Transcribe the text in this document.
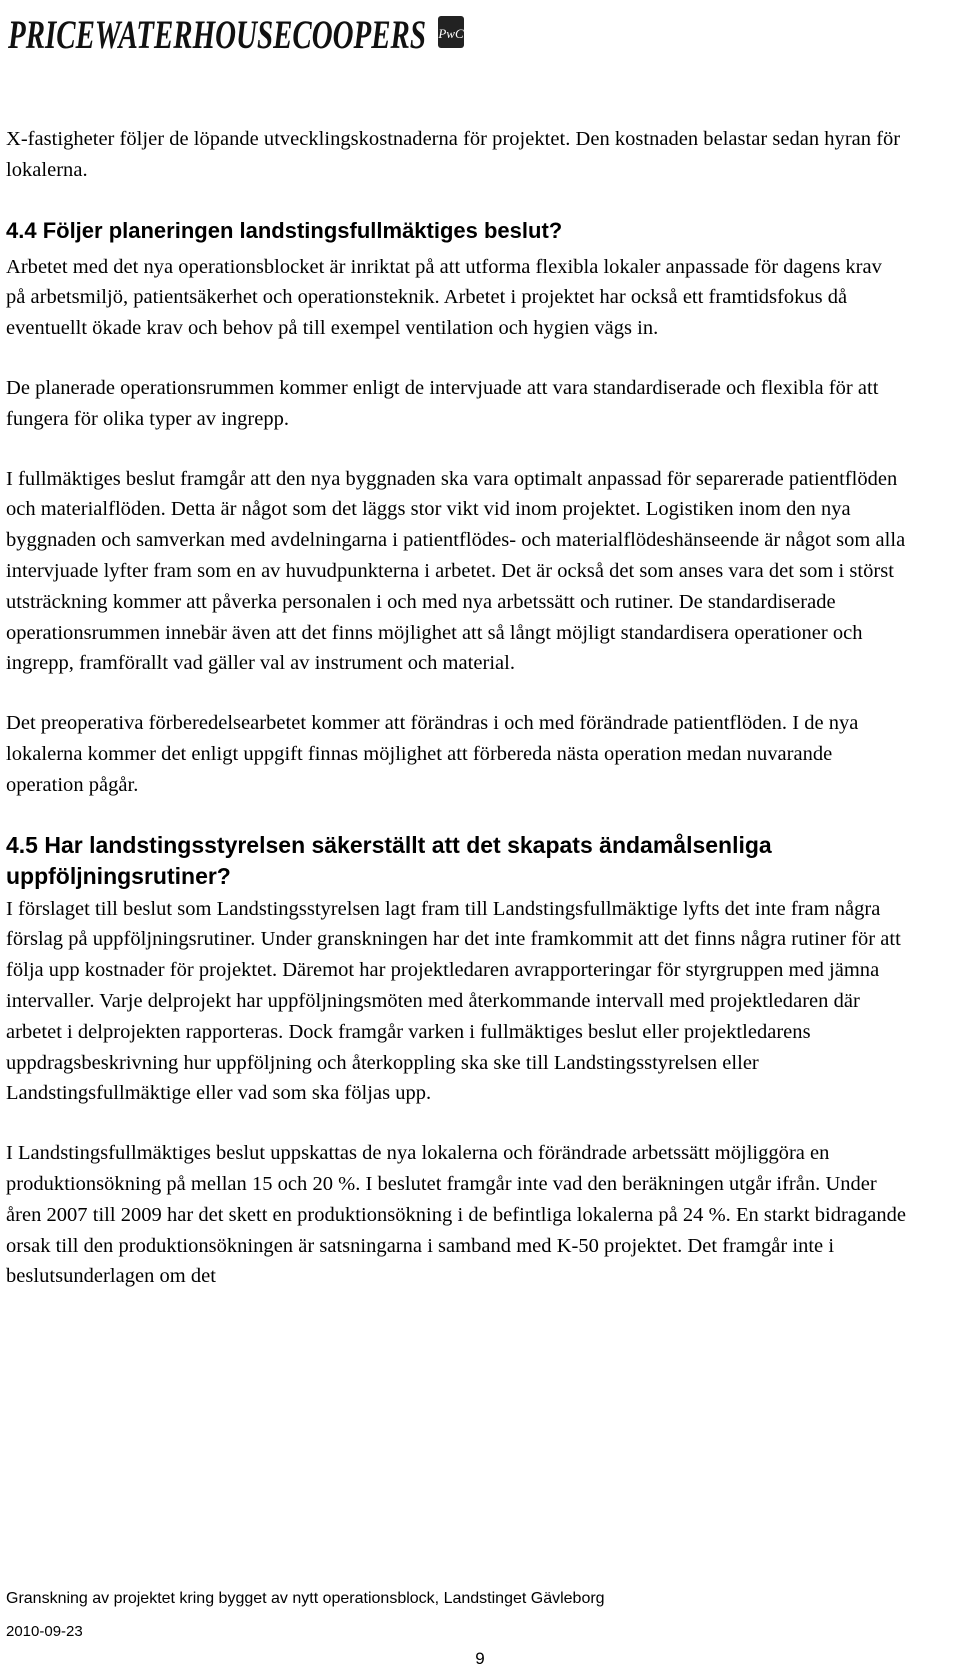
PRICEWATERHOUSECOOPERS PwC

X-fastigheter följer de löpande utvecklingskostnaderna för projektet. Den kostnaden belastar sedan hyran för lokalerna.

4.4 Följer planeringen landstingsfullmäktiges beslut?

Arbetet med det nya operationsblocket är inriktat på att utforma flexibla lokaler anpassade för dagens krav på arbetsmiljö, patientsäkerhet och operationsteknik. Arbetet i projektet har också ett framtidsfokus då eventuellt ökade krav och behov på till exempel ventilation och hygien vägs in.

De planerade operationsrummen kommer enligt de intervjuade att vara standardiserade och flexibla för att fungera för olika typer av ingrepp.

I fullmäktiges beslut framgår att den nya byggnaden ska vara optimalt anpassad för separerade patientflöden och materialflöden. Detta är något som det läggs stor vikt vid inom projektet. Logistiken inom den nya byggnaden och samverkan med avdelningarna i patientflödes- och materialflödeshänseende är något som alla intervjuade lyfter fram som en av huvudpunkterna i arbetet. Det är också det som anses vara det som i störst utsträckning kommer att påverka personalen i och med nya arbetssätt och rutiner. De standardiserade operationsrummen innebär även att det finns möjlighet att så långt möjligt standardisera operationer och ingrepp, framförallt vad gäller val av instrument och material.

Det preoperativa förberedelsearbetet kommer att förändras i och med förändrade patientflöden. I de nya lokalerna kommer det enligt uppgift finnas möjlighet att förbereda nästa operation medan nuvarande operation pågår.

4.5 Har landstingsstyrelsen säkerställt att det skapats ändamålsenliga uppföljningsrutiner?

I förslaget till beslut som Landstingsstyrelsen lagt fram till Landstingsfullmäktige lyfts det inte fram några förslag på uppföljningsrutiner. Under granskningen har det inte framkommit att det finns några rutiner för att följa upp kostnader för projektet. Däremot har projektledaren avrapporteringar för styrgruppen med jämna intervaller. Varje delprojekt har uppföljningsmöten med återkommande intervall med projektledaren där arbetet i delprojekten rapporteras. Dock framgår varken i fullmäktiges beslut eller projektledarens uppdragsbeskrivning hur uppföljning och återkoppling ska ske till Landstingsstyrelsen eller Landstingsfullmäktige eller vad som ska följas upp.

I Landstingsfullmäktiges beslut uppskattas de nya lokalerna och förändrade arbetssätt möjliggöra en produktionsökning på mellan 15 och 20 %. I beslutet framgår inte vad den beräkningen utgår ifrån. Under åren 2007 till 2009 har det skett en produktionsökning i de befintliga lokalerna på 24 %. En starkt bidragande orsak till den produktionsökningen är satsningarna i samband med K-50 projektet. Det framgår inte i beslutsunderlagen om det

Granskning av projektet kring bygget av nytt operationsblock, Landstinget Gävleborg
2010-09-23
9
